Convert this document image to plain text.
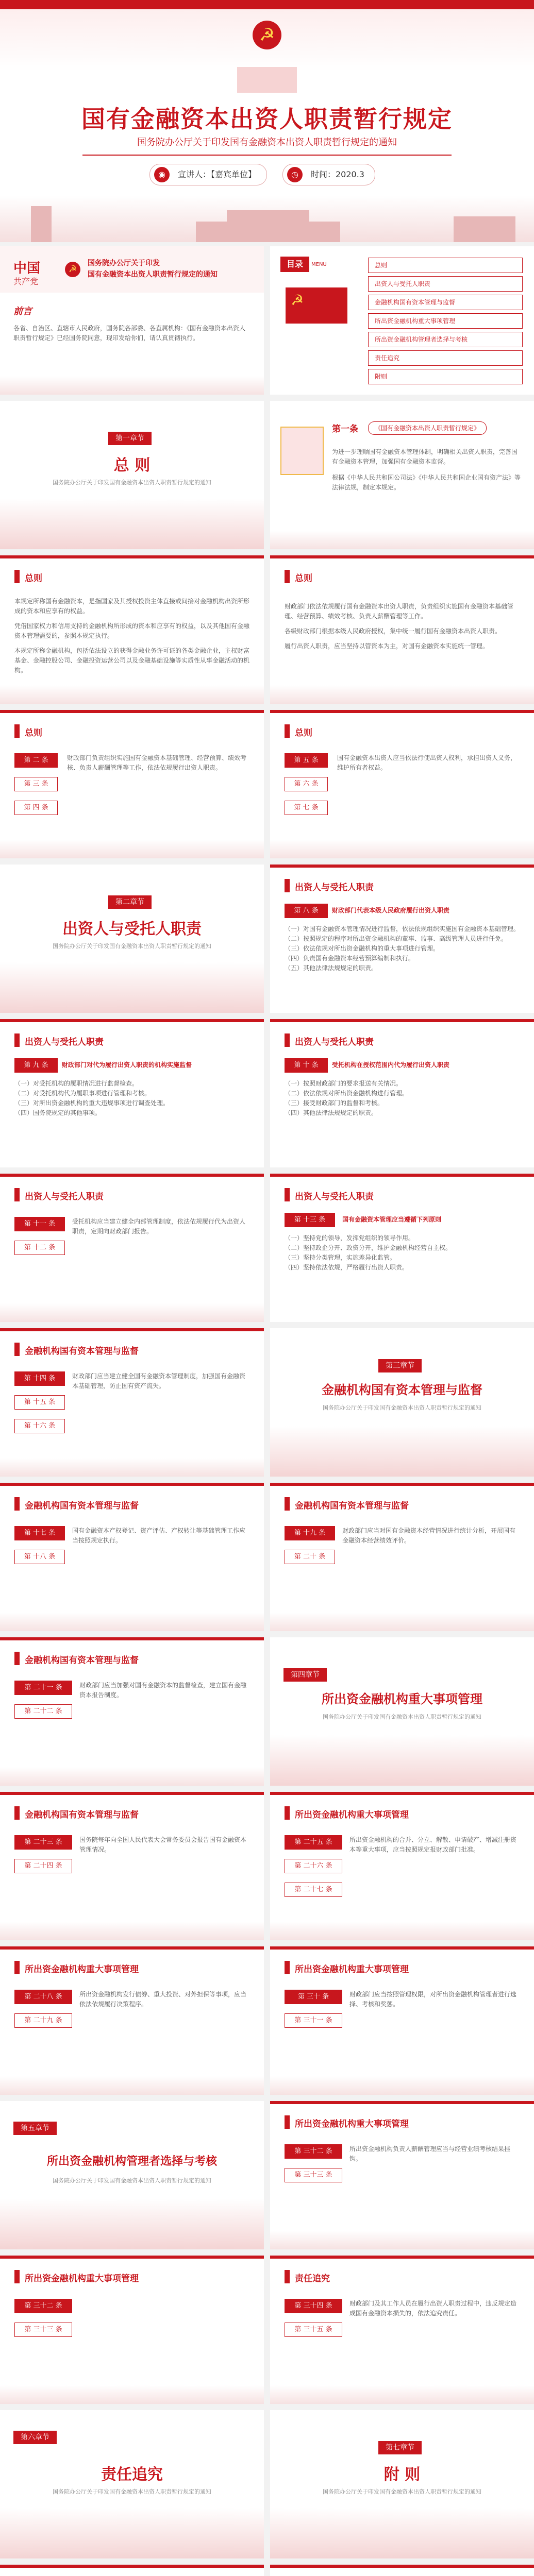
☭
国有金融资本出资人职责暂行规定
国务院办公厅关于印发国有金融资本出资人职责暂行规定的通知
◉	宣讲人：【嘉宾单位】	◷	时间：2020.3
中国
共产党
前言
☭
国务院办公厅关于印发
国有金融资本出资人职责暂行规定的通知
各省、自治区、直辖市人民政府，国务院各部委、各直属机构：《国有金融资本出资人职责暂行规定》已经国务院同意，现印发给你们，请认真贯彻执行。
目录	MENU
☭
总则
出资人与受托人职责
金融机构国有资本管理与监督
所出资金融机构重大事项管理
所出资金融机构管理者选择与考核
责任追究
附则
第一章节
总 则
国务院办公厅关于印发国有金融资本出资人职责暂行规定的通知
第一条	《国有金融资本出资人职责暂行规定》
为进一步理顺国有金融资本管理体制，明确相关出资人职责，完善国有金融资本管理，加强国有金融资本监督。
根据《中华人民共和国公司法》《中华人民共和国企业国有资产法》等法律法规，制定本规定。
总则
本规定所称国有金融资本，是指国家及其授权投资主体直接或间接对金融机构出资所形成的资本和应享有的权益。
凭借国家权力和信用支持的金融机构所形成的资本和应享有的权益，以及其他国有金融资本管理需要的，参照本规定执行。
本规定所称金融机构，包括依法设立的获得金融业务许可证的各类金融企业，主权财富基金、金融控股公司、金融投资运营公司以及金融基础设施等实质性从事金融活动的机构。
总则
财政部门依法依规履行国有金融资本出资人职责，负责组织实施国有金融资本基础管理、经营预算、绩效考核、负责人薪酬管理等工作。
各级财政部门根据本级人民政府授权，集中统一履行国有金融资本出资人职责。
履行出资人职责，应当坚持以管资本为主，对国有金融资本实施统一管理。
总则
第 二 条
第 三 条
第 四 条
财政部门负责组织实施国有金融资本基础管理、经营预算、绩效考核、负责人薪酬管理等工作，依法依规履行出资人职责。
总则
第 五 条
第 六 条
第 七 条
国有金融资本出资人应当依法行使出资人权利，承担出资人义务，维护所有者权益。
第二章节
出资人与受托人职责
国务院办公厅关于印发国有金融资本出资人职责暂行规定的通知
出资人与受托人职责
第 八 条	财政部门代表本级人民政府履行出资人职责
（一）对国有金融资本管理情况进行监督，依法依规组织实施国有金融资本基础管理。
（二）按照规定的程序对所出资金融机构的董事、监事、高级管理人员进行任免。
（三）依法依规对所出资金融机构的重大事项进行管理。
（四）负责国有金融资本经营预算编制和执行。
（五）其他法律法规规定的职责。
出资人与受托人职责
第 九 条	财政部门对代为履行出资人职责的机构实施监督
（一）对受托机构的履职情况进行监督检查。
（二）对受托机构代为履职事项进行管理和考核。
（三）对所出资金融机构的重大违规事项进行调查处理。
（四）国务院规定的其他事项。
出资人与受托人职责
第 十 条	受托机构在授权范围内代为履行出资人职责
（一）按照财政部门的要求报送有关情况。
（二）依法依规对所出资金融机构进行管理。
（三）接受财政部门的监督和考核。
（四）其他法律法规规定的职责。
出资人与受托人职责
第 十一 条
第 十二 条
受托机构应当建立健全内部管理制度，依法依规履行代为出资人职责，定期向财政部门报告。
出资人与受托人职责
第 十三 条	国有金融资本管理应当遵循下列原则
（一）坚持党的领导，发挥党组织的领导作用。
（二）坚持政企分开、政资分开，维护金融机构经营自主权。
（三）坚持分类管理，实施差异化监管。
（四）坚持依法依规，严格履行出资人职责。
第三章节
金融机构国有资本管理与监督
国务院办公厅关于印发国有金融资本出资人职责暂行规定的通知
金融机构国有资本管理与监督
第 十四 条
第 十五 条
第 十六 条
财政部门应当建立健全国有金融资本管理制度，加强国有金融资本基础管理，防止国有资产流失。
金融机构国有资本管理与监督
第 十七 条
第 十八 条
国有金融资本产权登记、资产评估、产权转让等基础管理工作应当按照规定执行。
金融机构国有资本管理与监督
第 十九 条
第 二十 条
财政部门应当对国有金融资本经营情况进行统计分析，开展国有金融资本经营绩效评价。
金融机构国有资本管理与监督
第 二十一 条
第 二十二 条
财政部门应当加强对国有金融资本的监督检查，建立国有金融资本报告制度。
第四章节
所出资金融机构重大事项管理
国务院办公厅关于印发国有金融资本出资人职责暂行规定的通知
金融机构国有资本管理与监督
第 二十三 条
第 二十四 条
国务院每年向全国人民代表大会常务委员会报告国有金融资本管理情况。
所出资金融机构重大事项管理
第 二十五 条
第 二十六 条
第 二十七 条
所出资金融机构的合并、分立、解散、申请破产、增减注册资本等重大事项，应当按照规定报财政部门批准。
所出资金融机构重大事项管理
第 二十八 条
第 二十九 条
所出资金融机构发行债券、重大投资、对外担保等事项，应当依法依规履行决策程序。
第五章节
所出资金融机构管理者选择与考核
国务院办公厅关于印发国有金融资本出资人职责暂行规定的通知
所出资金融机构重大事项管理
第 三十 条
第 三十一 条
财政部门应当按照管理权限，对所出资金融机构管理者进行选择、考核和奖惩。
所出资金融机构重大事项管理
第 三十二 条
第 三十三 条
所出资金融机构负责人薪酬管理应当与经营业绩考核结果挂钩。
所出资金融机构重大事项管理
第 三十二 条
第 三十三 条
责任追究
第 三十四 条
第 三十五 条
财政部门及其工作人员在履行出资人职责过程中，违反规定造成国有金融资本损失的，依法追究责任。
第六章节
责任追究
国务院办公厅关于印发国有金融资本出资人职责暂行规定的通知
第七章节
附 则
国务院办公厅关于印发国有金融资本出资人职责暂行规定的通知
